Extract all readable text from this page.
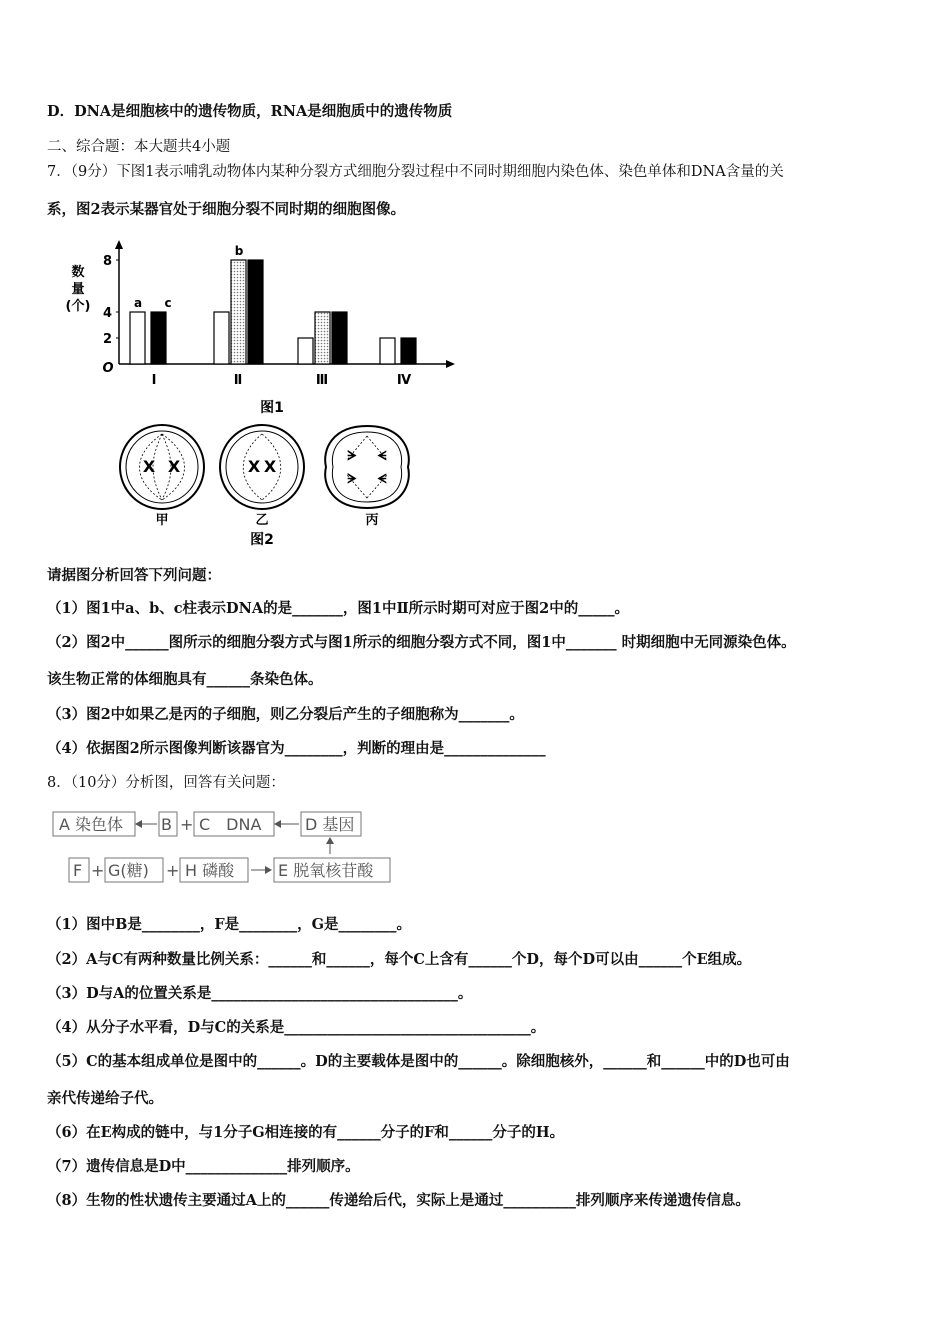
D．DNA是细胞核中的遗传物质，RNA是细胞质中的遗传物质
二、综合题：本大题共4小题
7．（9分）下图1表示哺乳动物体内某种分裂方式细胞分裂过程中不同时期细胞内染色体、染色单体和DNA含量的关
系，图2表示某器官处于细胞分裂不同时期的细胞图像。
数
量
(个)
O
2
4
8
a c
b
Ⅰ	Ⅱ	Ⅲ	Ⅳ
图1
X X	X X
ᗒ ᗕ
ᗒ ᗕ
甲	乙	丙
图2
请据图分析回答下列问题：
（1）图1中a、b、c柱表示DNA的是_______，图1中Ⅱ所示时期可对应于图2中的_____。
（2）图2中______图所示的细胞分裂方式与图1所示的细胞分裂方式不同，图1中_______ 时期细胞中无同源染色体。
该生物正常的体细胞具有______条染色体。
（3）图2中如果乙是丙的子细胞，则乙分裂后产生的子细胞称为_______。
（4）依据图2所示图像判断该器官为________，判断的理由是______________
8．（10分）分析图，回答有关问题：
A 染色体 B + C　DNA	D 基因
F + G(糖) + H 磷酸	E 脱氧核苷酸
（1）图中B是________，F是________，G是________。
（2）A与C有两种数量比例关系：______和______，每个C上含有______个D，每个D可以由______个E组成。
（3）D与A的位置关系是__________________________________。
（4）从分子水平看，D与C的关系是__________________________________。
（5）C的基本组成单位是图中的______。D的主要载体是图中的______。除细胞核外，______和______中的D也可由
亲代传递给子代。
（6）在E构成的链中，与1分子G相连接的有______分子的F和______分子的H。
（7）遗传信息是D中______________排列顺序。
（8）生物的性状遗传主要通过A上的______传递给后代，实际上是通过__________排列顺序来传递遗传信息。
